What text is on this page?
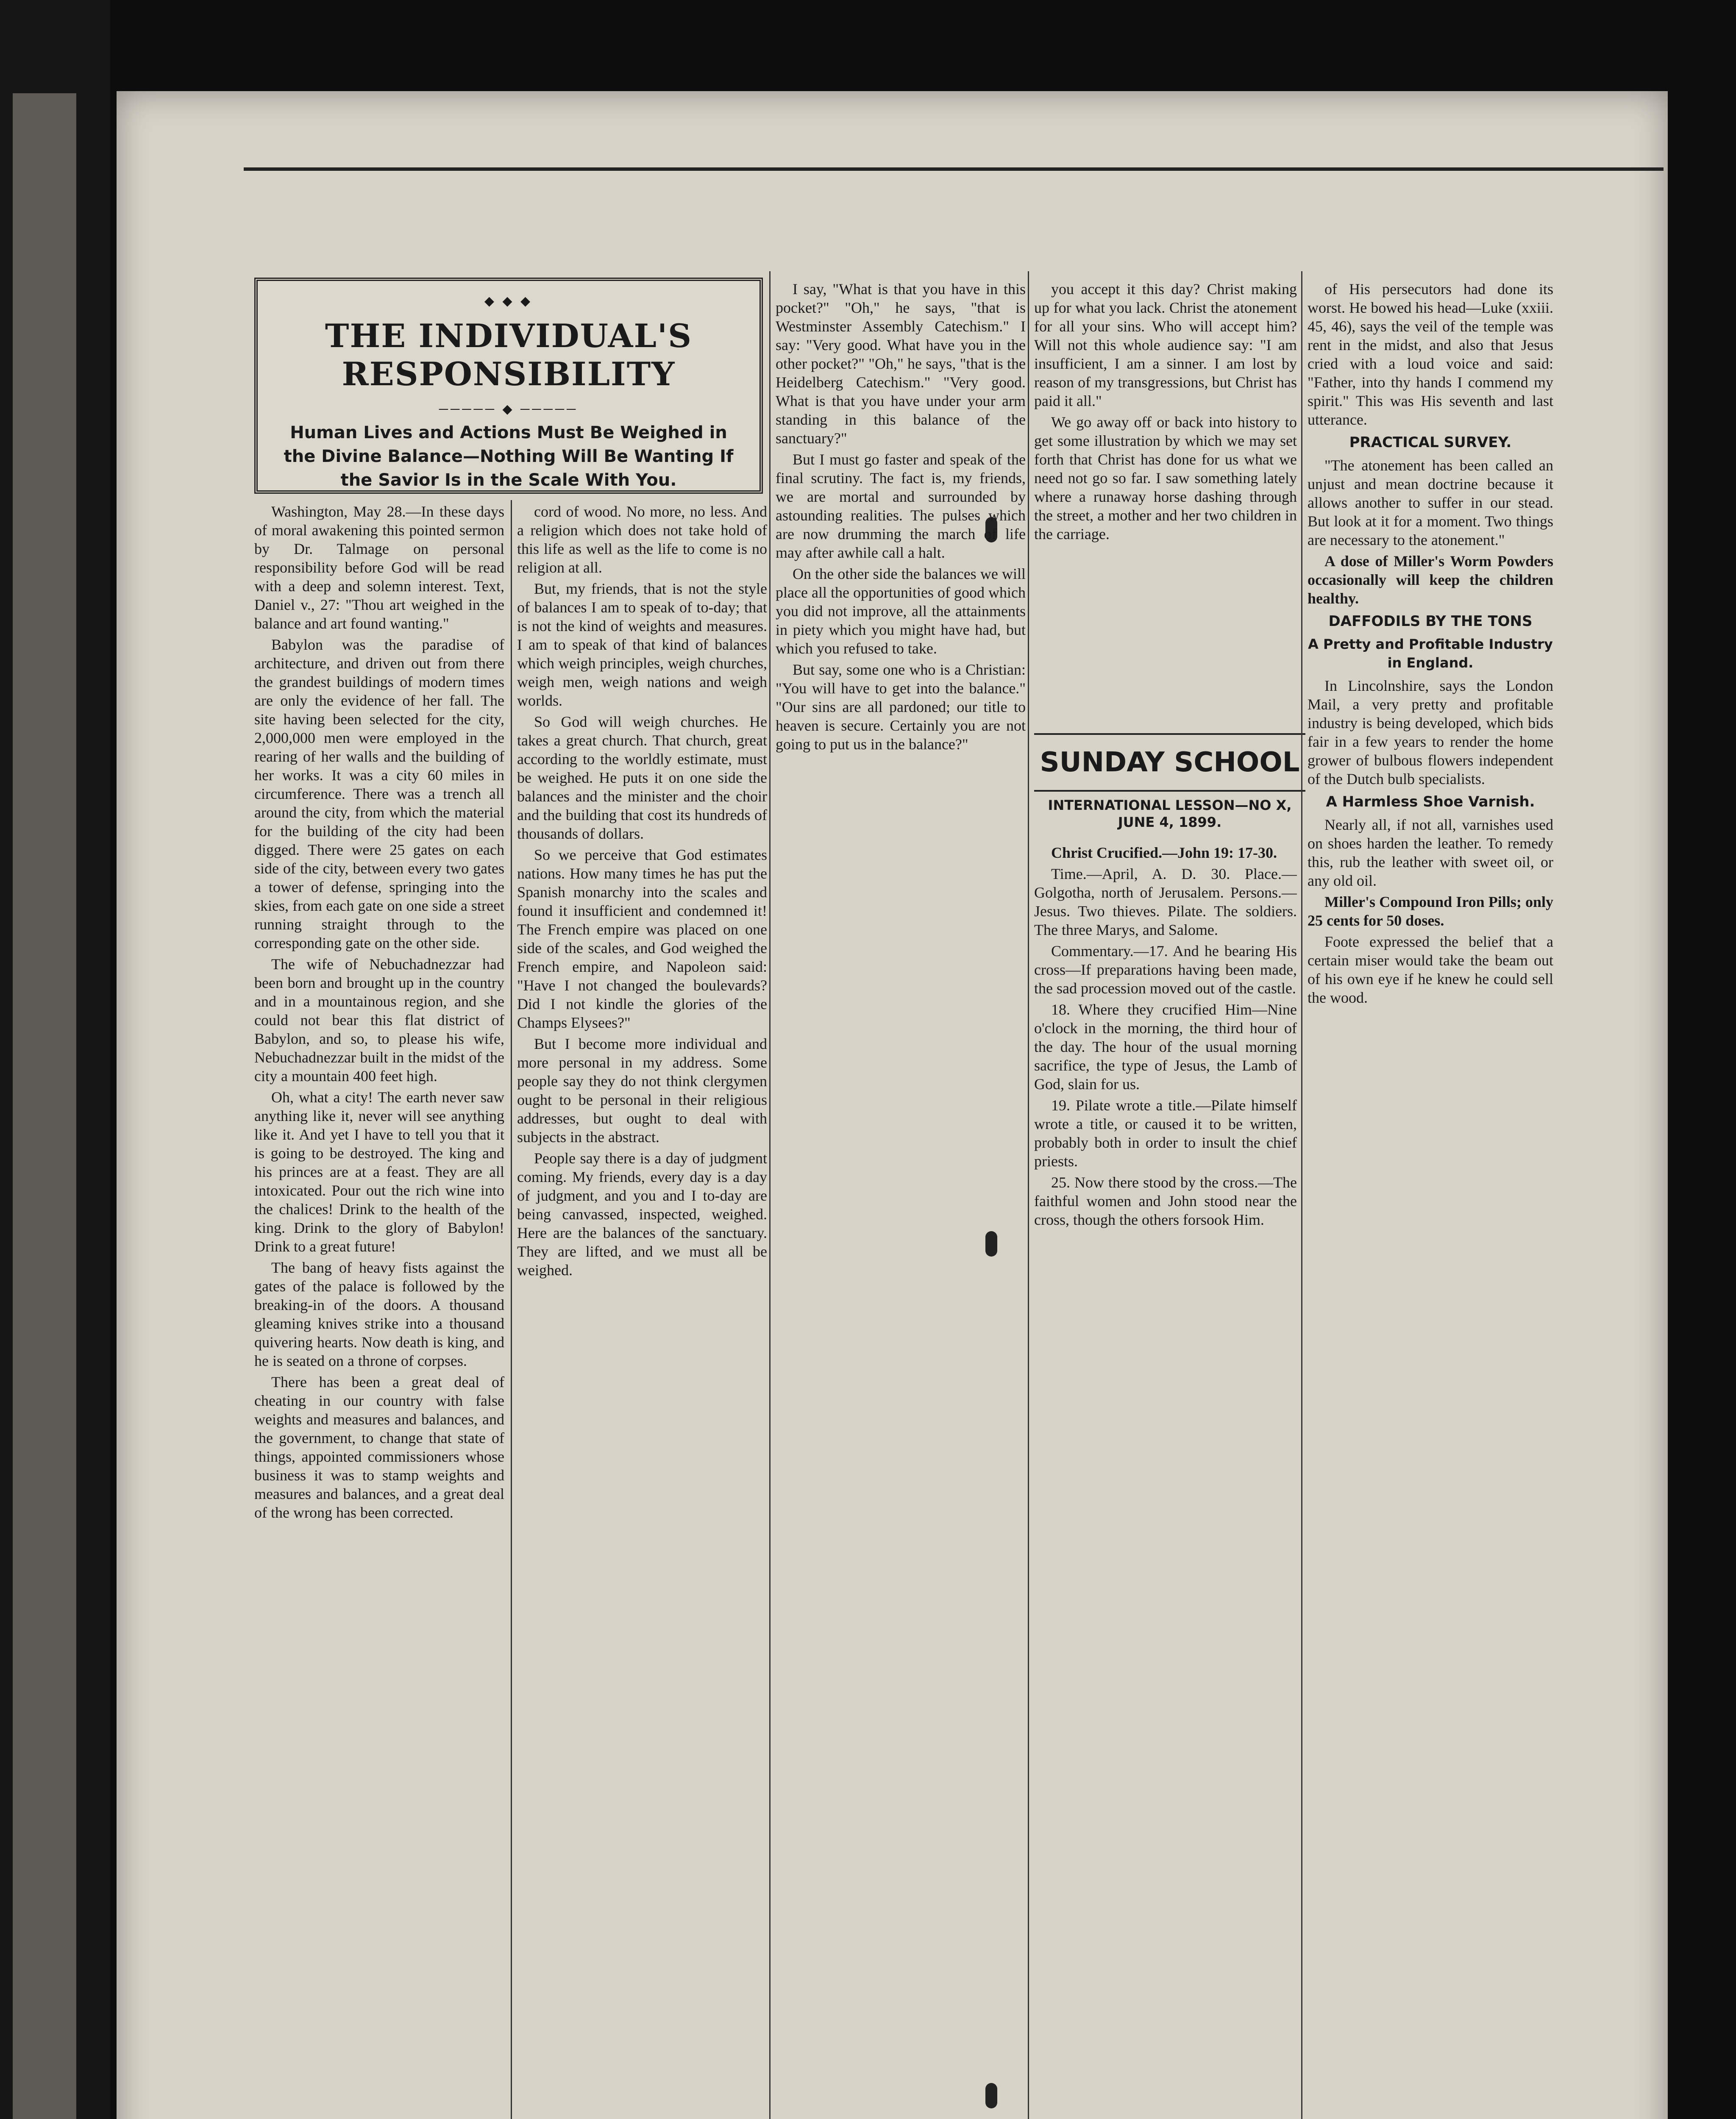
◆ ◆ ◆
THE INDIVIDUAL'S RESPONSIBILITY
───── ◆ ─────
Human Lives and Actions Must Be Weighed in the Divine Balance—Nothing Will Be Wanting If the Savior Is in the Scale With You.

Washington, May 28.—In these days of moral awakening this pointed sermon by Dr. Talmage on personal responsibility before God will be read with a deep and solemn interest. Text, Daniel v., 27: "Thou art weighed in the balance and art found wanting."

Babylon was the paradise of architecture, and driven out from there the grandest buildings of modern times are only the evidence of her fall. The site having been selected for the city, 2,000,000 men were employed in the rearing of her walls and the building of her works. It was a city 60 miles in circumference. There was a trench all around the city, from which the material for the building of the city had been digged. There were 25 gates on each side of the city, between every two gates a tower of defense, springing into the skies, from each gate on one side a street running straight through to the corresponding gate on the other side.

The wife of Nebuchadnezzar had been born and brought up in the country and in a mountainous region, and she could not bear this flat district of Babylon, and so, to please his wife, Nebuchadnezzar built in the midst of the city a mountain 400 feet high.

Oh, what a city! The earth never saw anything like it, never will see anything like it. And yet I have to tell you that it is going to be destroyed. The king and his princes are at a feast. They are all intoxicated. Pour out the rich wine into the chalices! Drink to the health of the king. Drink to the glory of Babylon! Drink to a great future!

The bang of heavy fists against the gates of the palace is followed by the breaking-in of the doors. A thousand gleaming knives strike into a thousand quivering hearts. Now death is king, and he is seated on a throne of corpses.

There has been a great deal of cheating in our country with false weights and measures and balances, and the government, to change that state of things, appointed commissioners whose business it was to stamp weights and measures and balances, and a great deal of the wrong has been corrected.

cord of wood. No more, no less. And a religion which does not take hold of this life as well as the life to come is no religion at all.

But, my friends, that is not the style of balances I am to speak of to-day; that is not the kind of weights and measures. I am to speak of that kind of balances which weigh principles, weigh churches, weigh men, weigh nations and weigh worlds.

So God will weigh churches. He takes a great church. That church, great according to the worldly estimate, must be weighed. He puts it on one side the balances and the minister and the choir and the building that cost its hundreds of thousands of dollars.

So we perceive that God estimates nations. How many times he has put the Spanish monarchy into the scales and found it insufficient and condemned it! The French empire was placed on one side of the scales, and God weighed the French empire, and Napoleon said: "Have I not changed the boulevards? Did I not kindle the glories of the Champs Elysees?"

But I become more individual and more personal in my address. Some people say they do not think clergymen ought to be personal in their religious addresses, but ought to deal with subjects in the abstract.

People say there is a day of judgment coming. My friends, every day is a day of judgment, and you and I to-day are being canvassed, inspected, weighed. Here are the balances of the sanctuary. They are lifted, and we must all be weighed.

I say, "What is that you have in this pocket?" "Oh," he says, "that is Westminster Assembly Catechism." I say: "Very good. What have you in the other pocket?" "Oh," he says, "that is the Heidelberg Catechism." "Very good. What is that you have under your arm standing in this balance of the sanctuary?"

But I must go faster and speak of the final scrutiny. The fact is, my friends, we are mortal and surrounded by astounding realities. The pulses which are now drumming the march of life may after awhile call a halt.

On the other side the balances we will place all the opportunities of good which you did not improve, all the attainments in piety which you might have had, but which you refused to take.

But say, some one who is a Christian: "You will have to get into the balance." "Our sins are all pardoned; our title to heaven is secure. Certainly you are not going to put us in the balance?"

you accept it this day? Christ making up for what you lack. Christ the atonement for all your sins. Who will accept him? Will not this whole audience say: "I am insufficient, I am a sinner. I am lost by reason of my transgressions, but Christ has paid it all."

We go away off or back into history to get some illustration by which we may set forth that Christ has done for us what we need not go so far. I saw something lately where a runaway horse dashing through the street, a mother and her two children in the carriage.

SUNDAY SCHOOL
INTERNATIONAL LESSON—NO X, JUNE 4, 1899.

Christ Crucified.—John 19: 17-30.

Time.—April, A. D. 30. Place.—Golgotha, north of Jerusalem. Persons.—Jesus. Two thieves. Pilate. The soldiers. The three Marys, and Salome.

Commentary.—17. And he bearing His cross—If preparations having been made, the sad procession moved out of the castle.

18. Where they crucified Him—Nine o'clock in the morning, the third hour of the day. The hour of the usual morning sacrifice, the type of Jesus, the Lamb of God, slain for us.

19. Pilate wrote a title.—Pilate himself wrote a title, or caused it to be written, probably both in order to insult the chief priests.

25. Now there stood by the cross.—The faithful women and John stood near the cross, though the others forsook Him.

of His persecutors had done its worst. He bowed his head—Luke (xxiii. 45, 46), says the veil of the temple was rent in the midst, and also that Jesus cried with a loud voice and said: "Father, into thy hands I commend my spirit." This was His seventh and last utterance.

PRACTICAL SURVEY.

"The atonement has been called an unjust and mean doctrine because it allows another to suffer in our stead. But look at it for a moment. Two things are necessary to the atonement."

A dose of Miller's Worm Powders occasionally will keep the children healthy.

DAFFODILS BY THE TONS
A Pretty and Profitable Industry in England.

In Lincolnshire, says the London Mail, a very pretty and profitable industry is being developed, which bids fair in a few years to render the home grower of bulbous flowers independent of the Dutch bulb specialists.

A Harmless Shoe Varnish.

Nearly all, if not all, varnishes used on shoes harden the leather. To remedy this, rub the leather with sweet oil, or any old oil.

Miller's Compound Iron Pills; only 25 cents for 50 doses.

Foote expressed the belief that a certain miser would take the beam out of his own eye if he knew he could sell the wood.
